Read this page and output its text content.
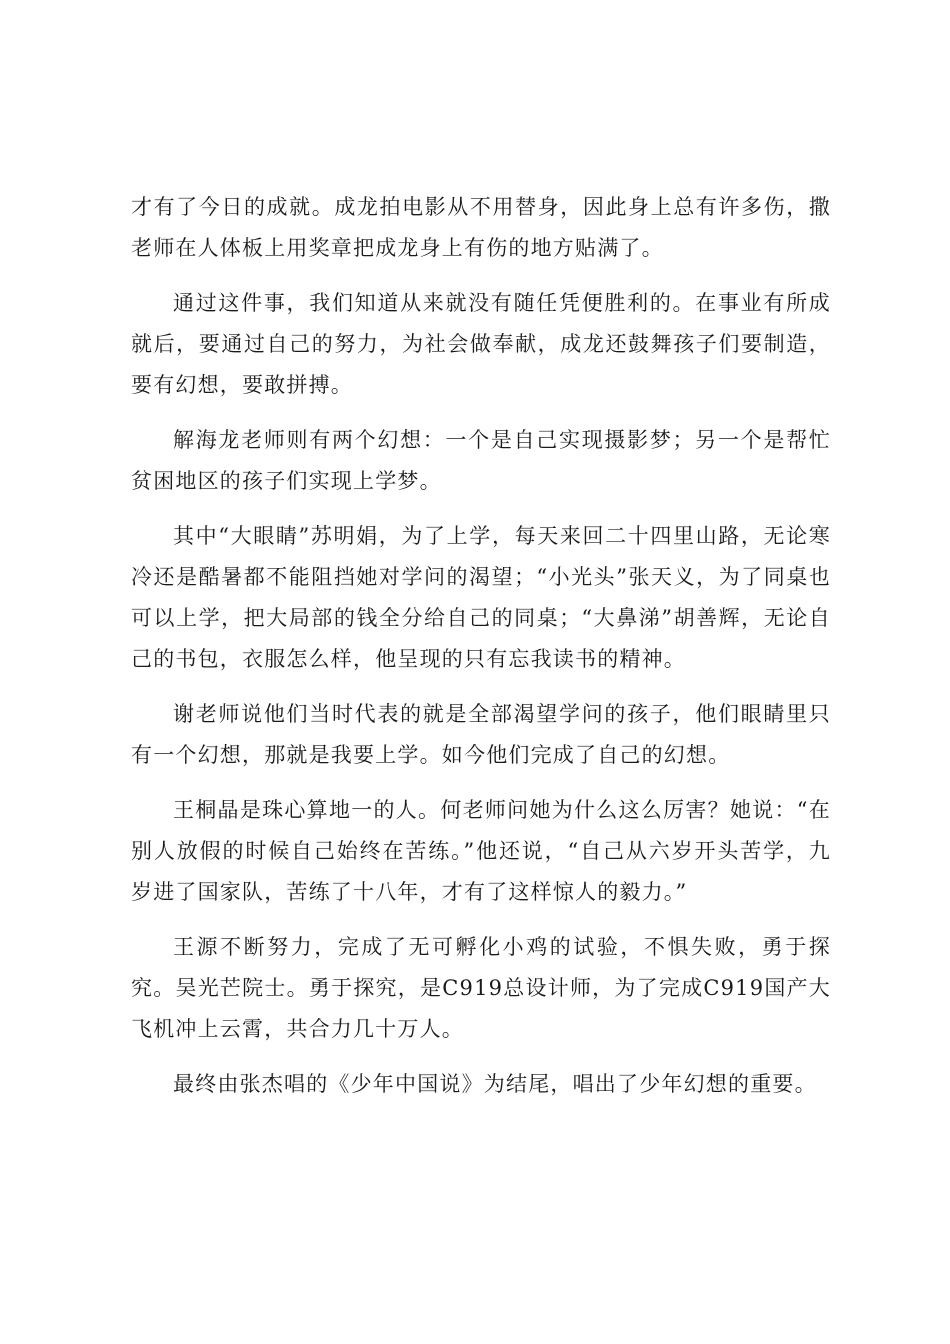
才有了今日的成就。成龙拍电影从不用替身，因此身上总有许多伤，撒老师在人体板上用奖章把成龙身上有伤的地方贴满了。

通过这件事，我们知道从来就没有随任凭便胜利的。在事业有所成就后，要通过自己的努力，为社会做奉献，成龙还鼓舞孩子们要制造，要有幻想，要敢拼搏。

解海龙老师则有两个幻想：一个是自己实现摄影梦；另一个是帮忙贫困地区的孩子们实现上学梦。

其中“大眼睛”苏明娟，为了上学，每天来回二十四里山路，无论寒冷还是酷暑都不能阻挡她对学问的渴望；“小光头”张天义，为了同桌也可以上学，把大局部的钱全分给自己的同桌；“大鼻涕”胡善辉，无论自己的书包，衣服怎么样，他呈现的只有忘我读书的精神。

谢老师说他们当时代表的就是全部渴望学问的孩子，他们眼睛里只有一个幻想，那就是我要上学。如今他们完成了自己的幻想。

王桐晶是珠心算地一的人。何老师问她为什么这么厉害？她说：“在别人放假的时候自己始终在苦练。”他还说，“自己从六岁开头苦学，九岁进了国家队，苦练了十八年，才有了这样惊人的毅力。”

王源不断努力，完成了无可孵化小鸡的试验，不惧失败，勇于探究。吴光芒院士。勇于探究，是C919总设计师，为了完成C919国产大飞机冲上云霄，共合力几十万人。

最终由张杰唱的《少年中国说》为结尾，唱出了少年幻想的重要。
